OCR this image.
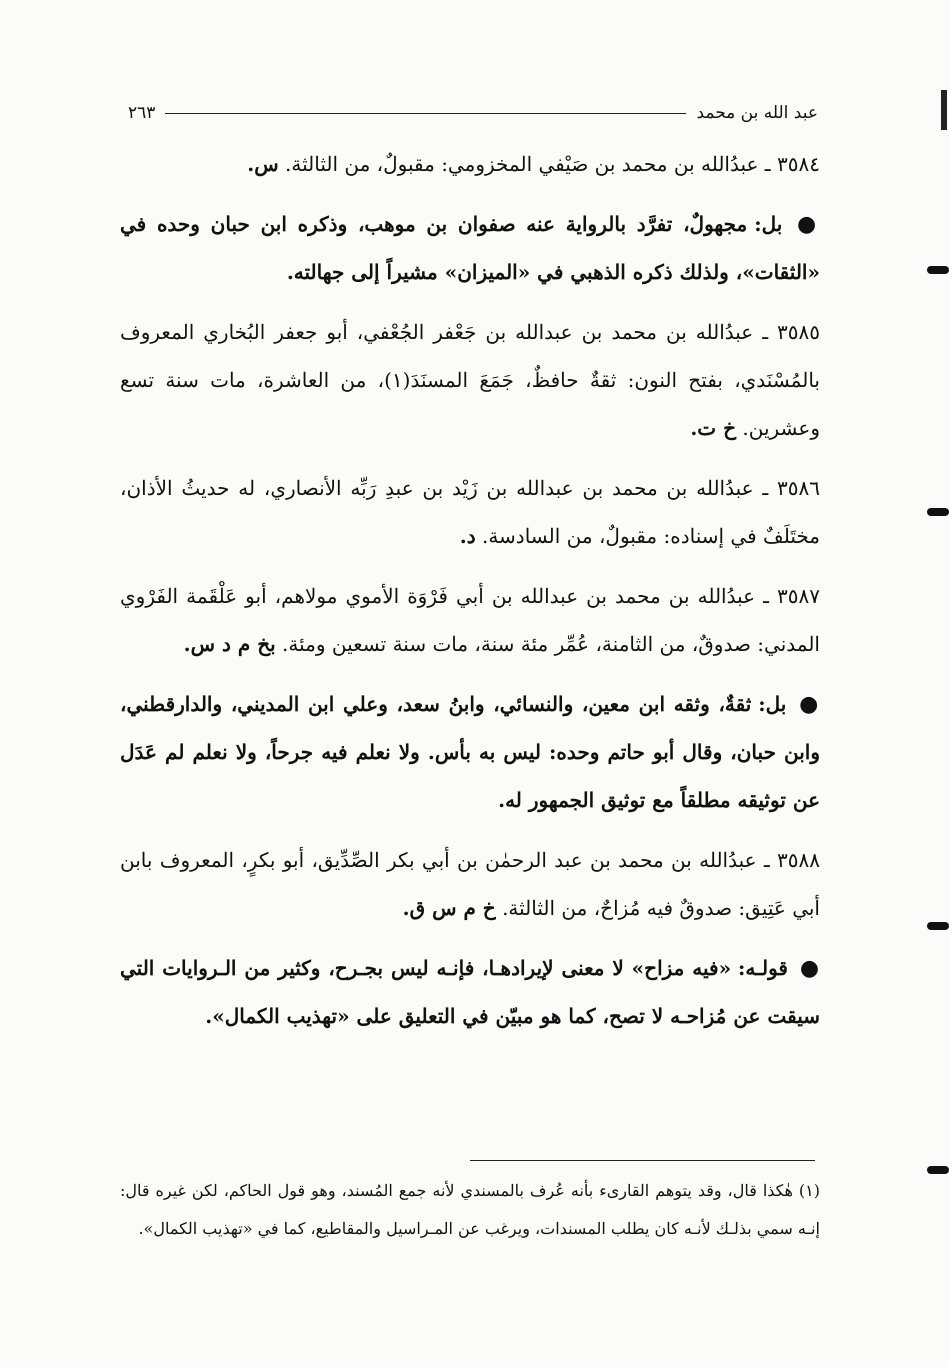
عبد الله بن محمد
٢٦٣

٣٥٨٤ ـ عبدُالله بن محمد بن صَيْفي المخزومي: مقبولٌ، من الثالثة. س.

● بل: مجهولٌ، تفرَّد بالرواية عنه صفوان بن موهب، وذكره ابن حبان وحده في «الثقات»، ولذلك ذكره الذهبي في «الميزان» مشيراً إلى جهالته.

٣٥٨٥ ـ عبدُالله بن محمد بن عبدالله بن جَعْفر الجُعْفي، أبو جعفر البُخاري المعروف بالمُسْنَدي، بفتح النون: ثقةٌ حافظٌ، جَمَعَ المسنَدَ(١)، من العاشرة، مات سنة تسع وعشرين. خ ت.

٣٥٨٦ ـ عبدُالله بن محمد بن عبدالله بن زَيْد بن عبدِ رَبِّه الأنصاري، له حديثُ الأذان، مختَلَفٌ في إسناده: مقبولٌ، من السادسة. د.

٣٥٨٧ ـ عبدُالله بن محمد بن عبدالله بن أبي فَرْوَة الأموي مولاهم، أبو عَلْقَمة الفَرْوي المدني: صدوقٌ، من الثامنة، عُمِّر مئة سنة، مات سنة تسعين ومئة. بخ م د س.

● بل: ثقةٌ، وثقه ابن معين، والنسائي، وابنُ سعد، وعلي ابن المديني، والدارقطني، وابن حبان، وقال أبو حاتم وحده: ليس به بأس. ولا نعلم فيه جرحاً، ولا نعلم لم عَدَل عن توثيقه مطلقاً مع توثيق الجمهور له.

٣٥٨٨ ـ عبدُالله بن محمد بن عبد الرحمٰن بن أبي بكر الصِّدِّيق، أبو بكرٍ، المعروف بابن أبي عَتِيق: صدوقٌ فيه مُزاحٌ، من الثالثة. خ م س ق.

● قولـه: «فيه مزاح» لا معنى لإيرادهـا، فإنـه ليس بجـرح، وكثير من الـروايات التي سيقت عن مُزاحـه لا تصح، كما هو مبيّن في التعليق على «تهذيب الكمال».

(١) هٰكذا قال، وقد يتوهم القارىء بأنه عُرف بالمسندي لأنه جمع المُسند، وهو قول الحاكم، لكن غيره قال: إنـه سمي بذلـك لأنـه كان يطلب المسندات، ويرغب عن المـراسيل والمقاطيع، كما في «تهذيب الكمال».
